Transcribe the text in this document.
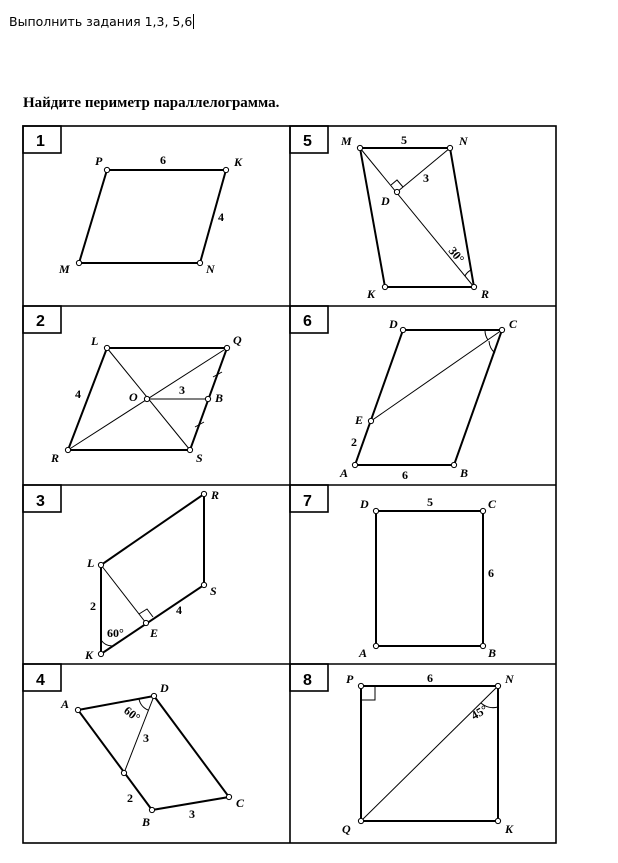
Выполнить задания 1,3, 5,6

Найдите периметр параллелограмма.
1
P	K
N
M
6
4
5 M	N
R
K
D
5
3
30°
2
L	Q
S
R
O	B
4	3
6	D	C
B
A
E
2
6
3	R
L
S
E
K
2	4
60°
7	D	C
B
A
5
6
4
A
D
C
B
60°
3
2
3
8	P	N
K
Q
6
45°
